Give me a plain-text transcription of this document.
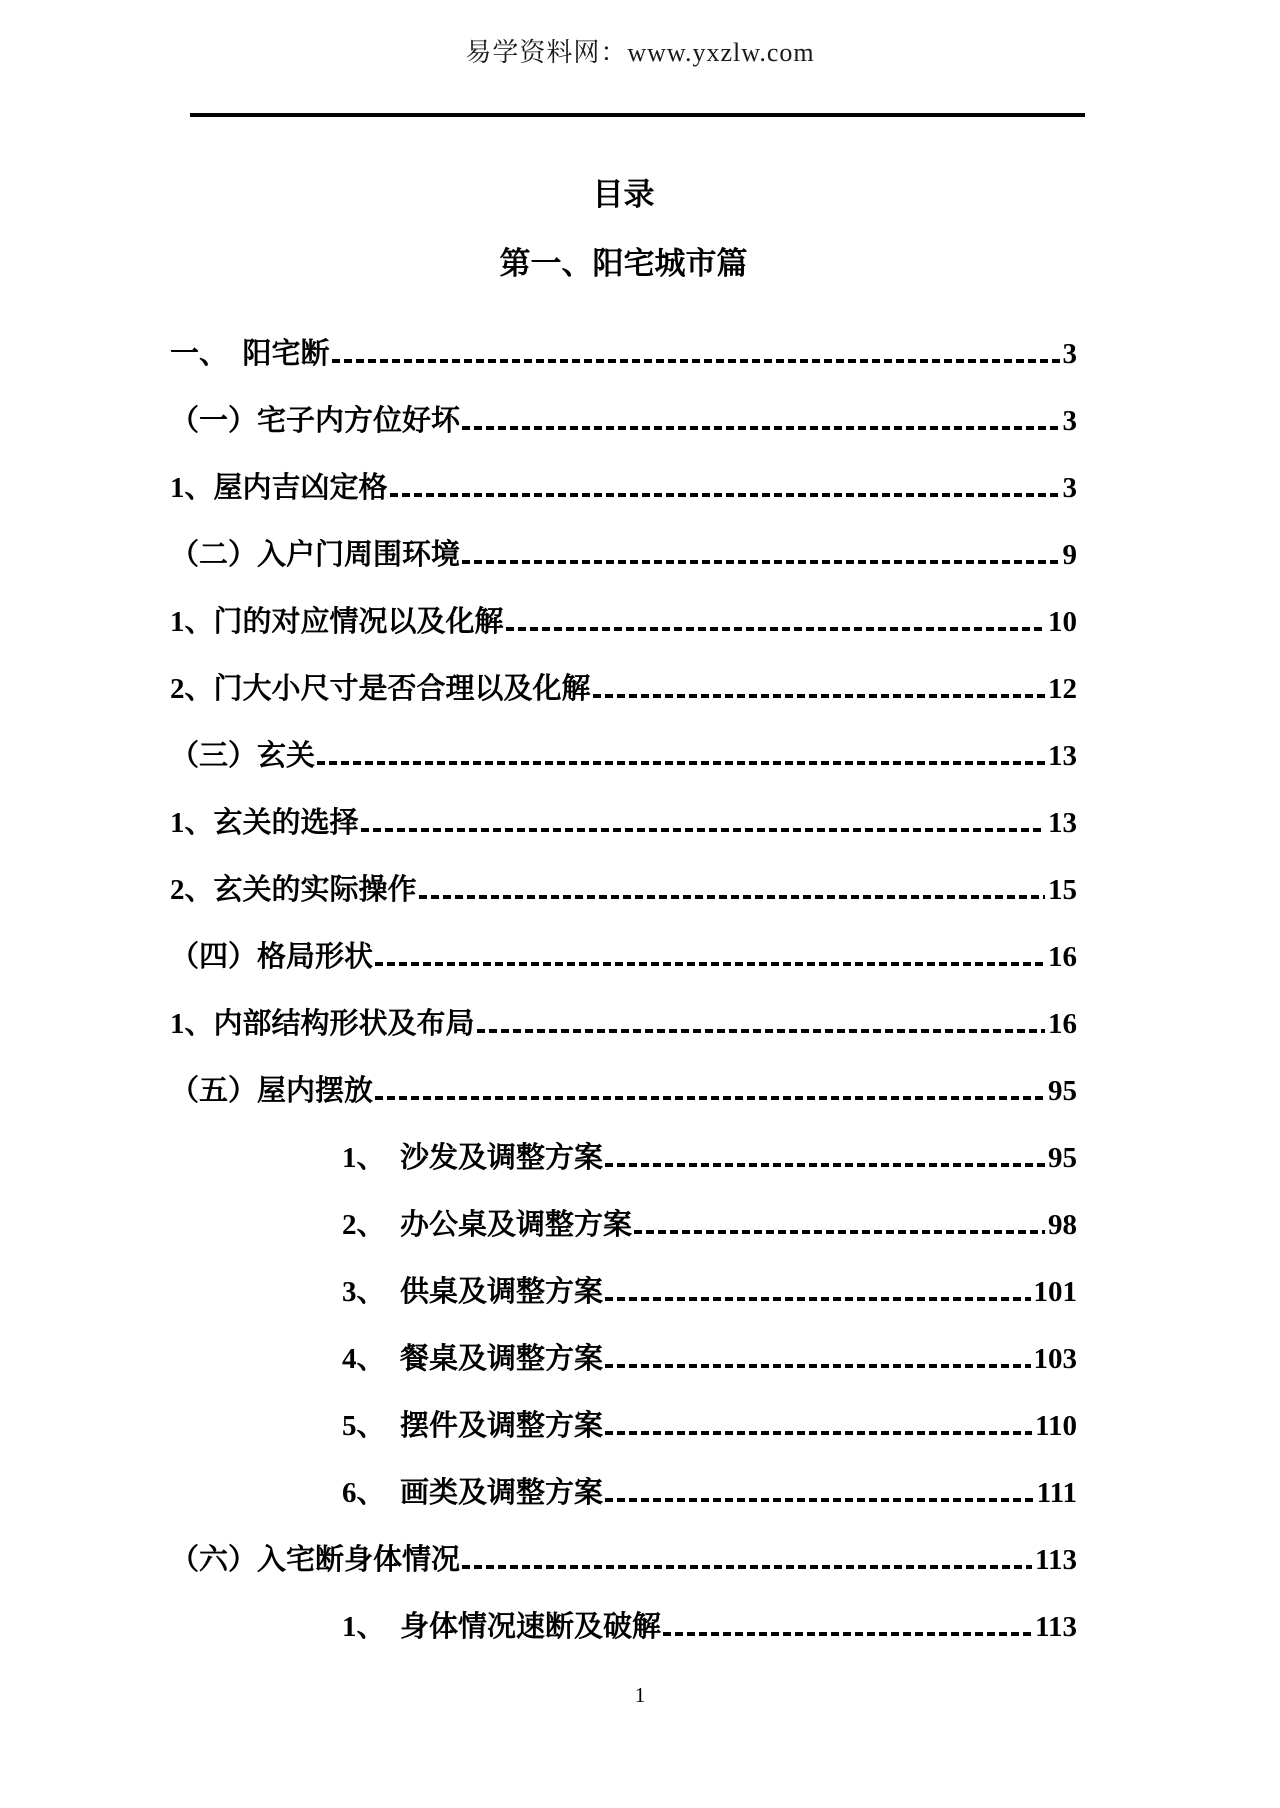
易学资料网：www.yxzlw.com
目录
第一、阳宅城市篇
一、　阳宅断	3
（一）宅子内方位好坏	3
1、屋内吉凶定格	3
（二）入户门周围环境	9
1、门的对应情况以及化解	10
2、门大小尺寸是否合理以及化解	12
（三）玄关	13
1、玄关的选择	13
2、玄关的实际操作	15
（四）格局形状	16
1、内部结构形状及布局	16
（五）屋内摆放	95
1、　沙发及调整方案	95
2、　办公桌及调整方案	98
3、　供桌及调整方案	101
4、　餐桌及调整方案	103
5、　摆件及调整方案	110
6、　画类及调整方案	111
（六）入宅断身体情况	113
1、　身体情况速断及破解	113
1
